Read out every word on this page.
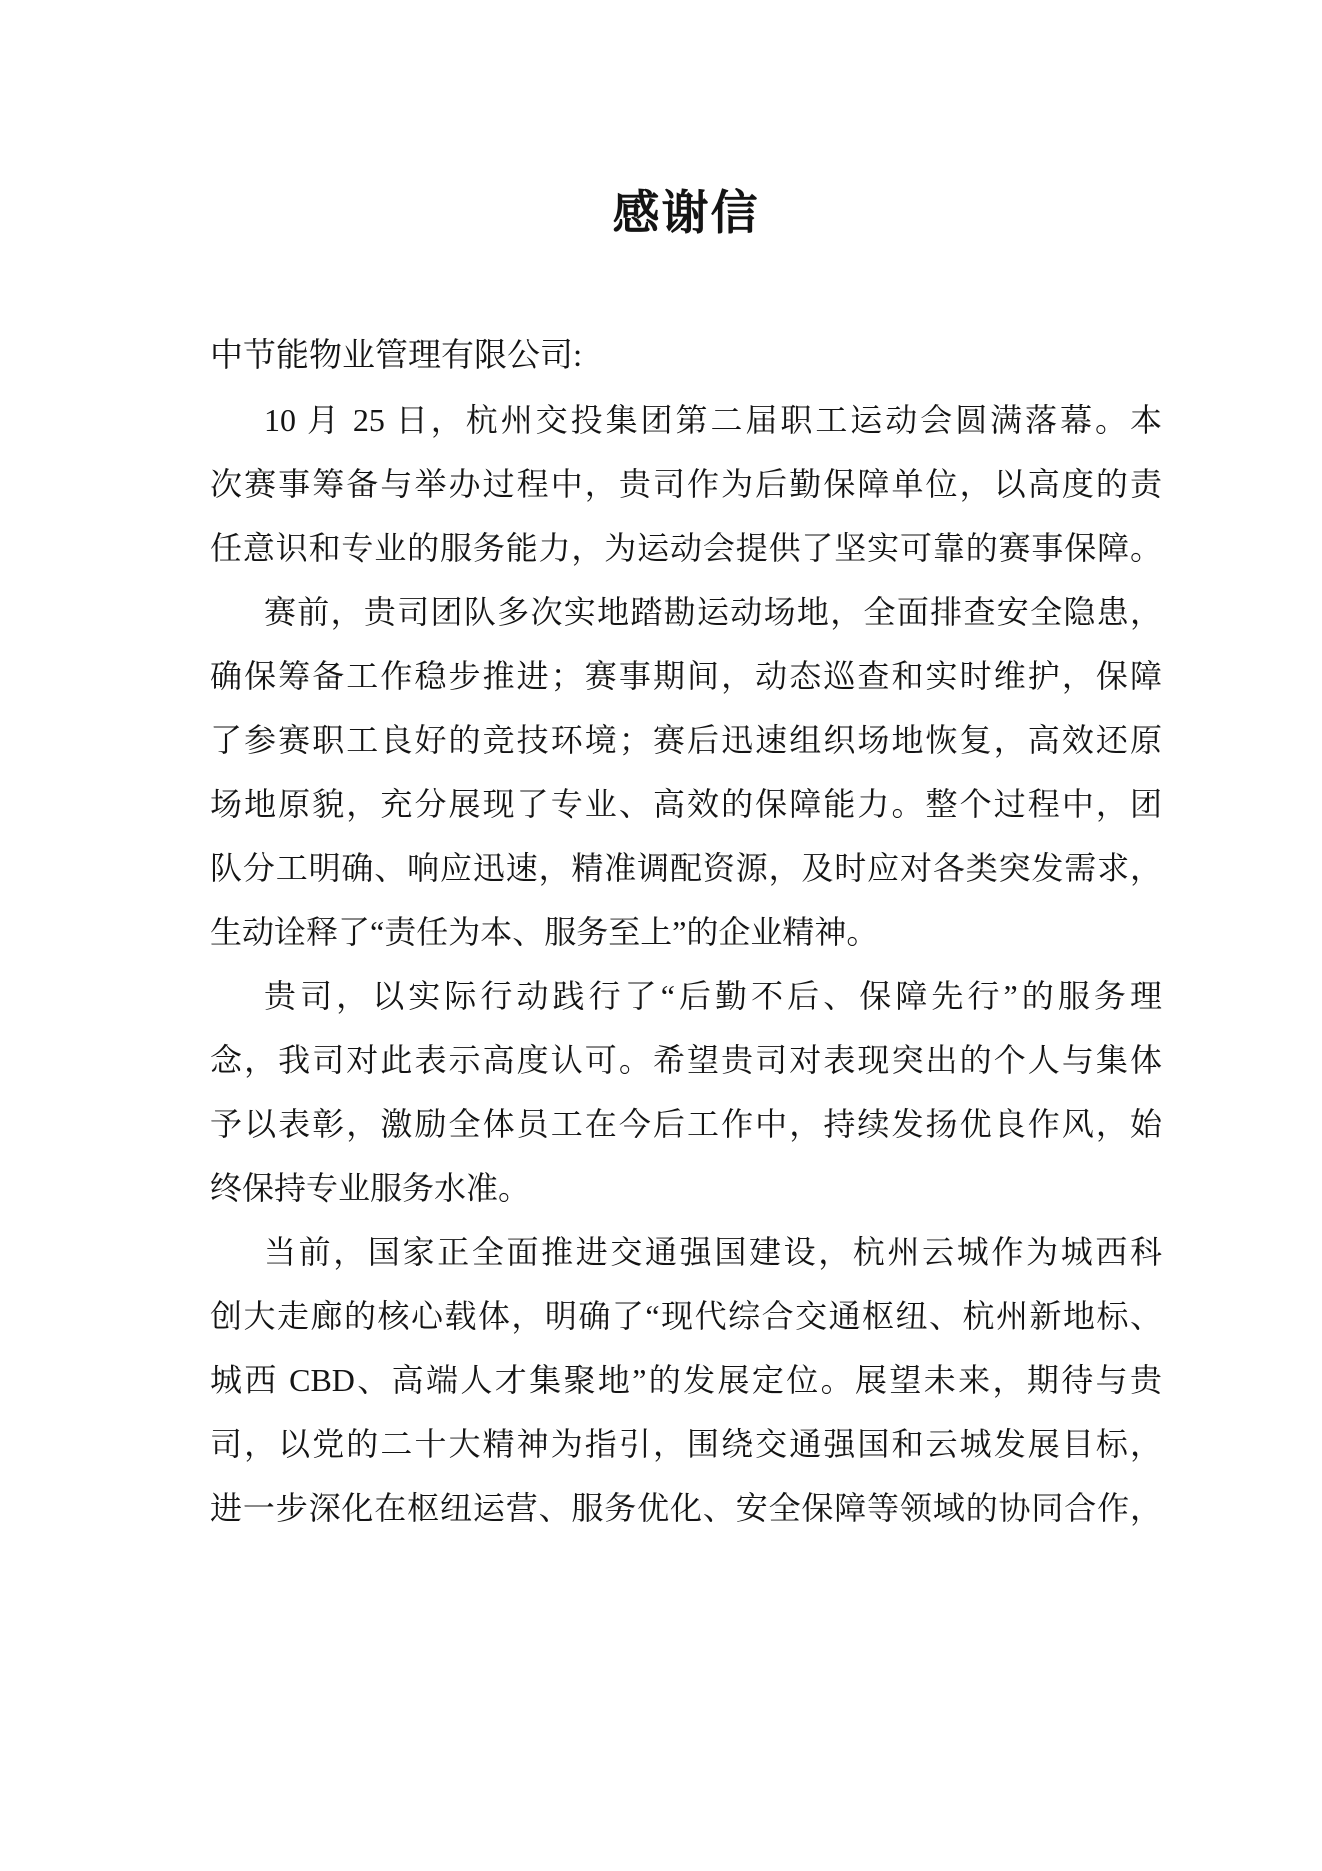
感谢信
中节能物业管理有限公司:
10 月 25 日，杭州交投集团第二届职工运动会圆满落幕。本
次赛事筹备与举办过程中，贵司作为后勤保障单位，以高度的责
任意识和专业的服务能力，为运动会提供了坚实可靠的赛事保障。
赛前，贵司团队多次实地踏勘运动场地，全面排查安全隐患，
确保筹备工作稳步推进；赛事期间，动态巡查和实时维护，保障
了参赛职工良好的竞技环境；赛后迅速组织场地恢复，高效还原
场地原貌，充分展现了专业、高效的保障能力。整个过程中，团
队分工明确、响应迅速，精准调配资源，及时应对各类突发需求，
生动诠释了“责任为本、服务至上”的企业精神。
贵司，以实际行动践行了“后勤不后、保障先行”的服务理
念，我司对此表示高度认可。希望贵司对表现突出的个人与集体
予以表彰，激励全体员工在今后工作中，持续发扬优良作风，始
终保持专业服务水准。
当前，国家正全面推进交通强国建设，杭州云城作为城西科
创大走廊的核心载体，明确了“现代综合交通枢纽、杭州新地标、
城西 CBD、高端人才集聚地”的发展定位。展望未来，期待与贵
司，以党的二十大精神为指引，围绕交通强国和云城发展目标，
进一步深化在枢纽运营、服务优化、安全保障等领域的协同合作，
